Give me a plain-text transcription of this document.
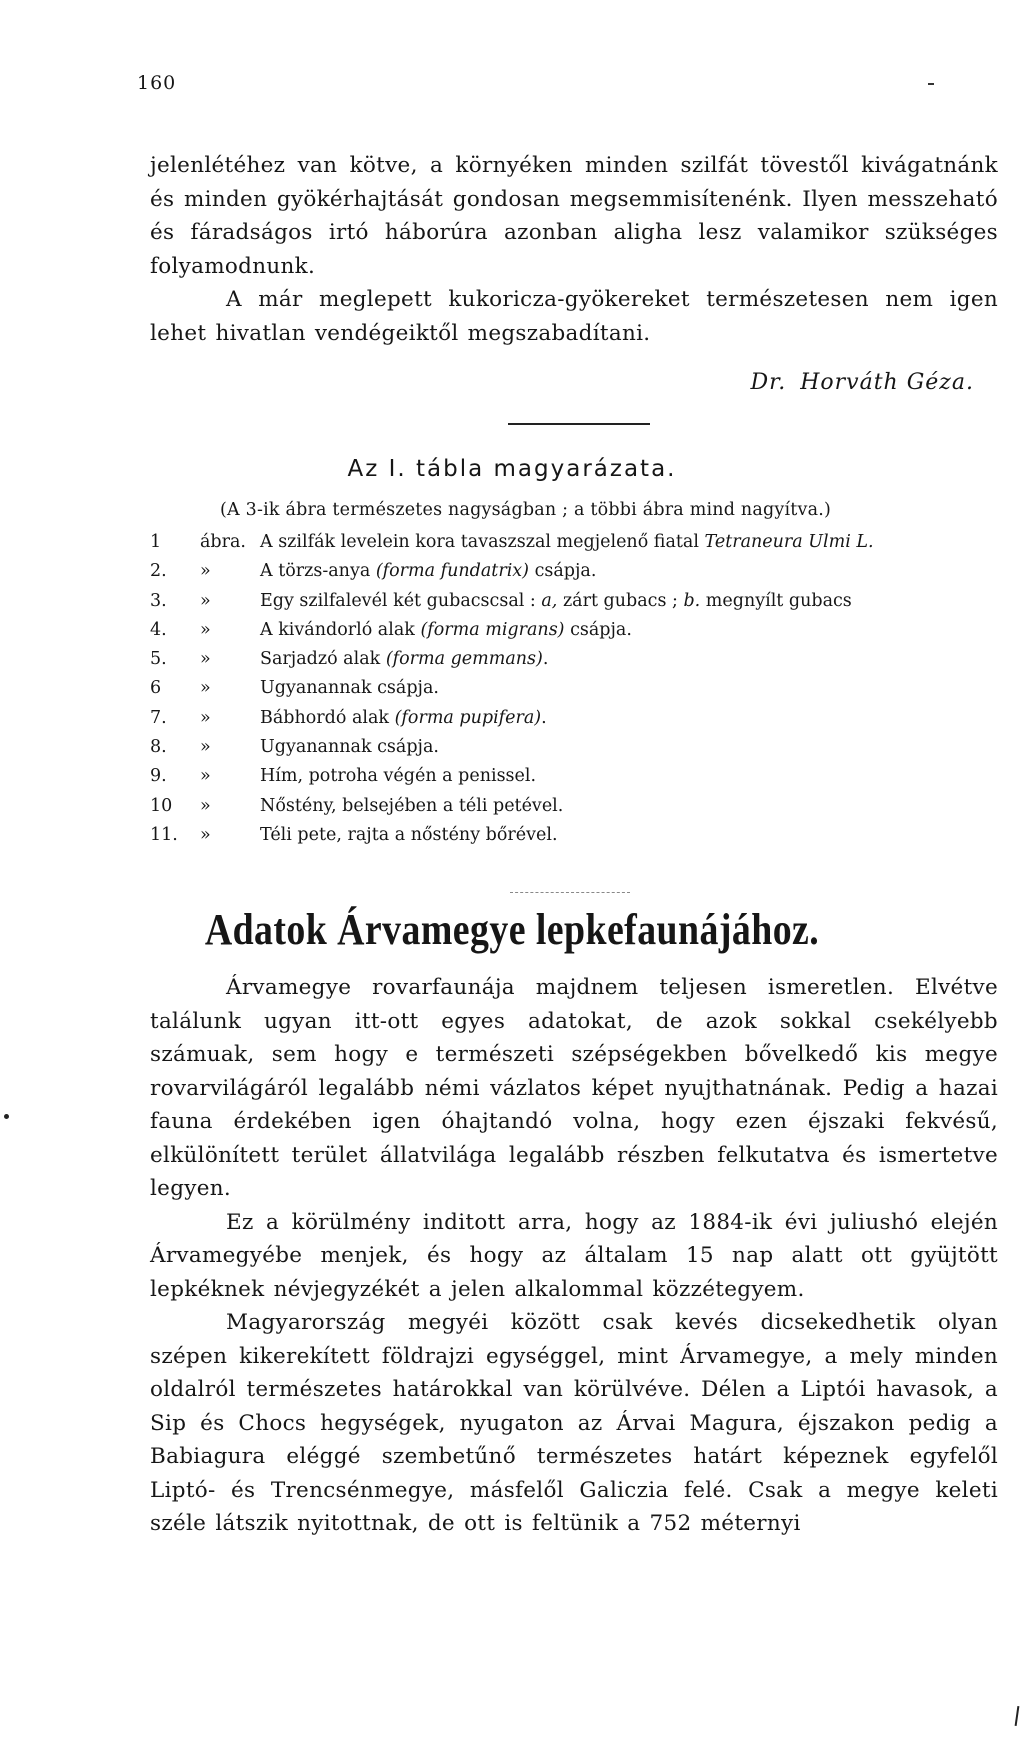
160

jelenlétéhez van kötve, a környéken minden szilfát tövestől kivágatnánk és minden gyökérhajtását gondosan megsemmisítenénk. Ilyen messzeható és fáradságos irtó háborúra azonban aligha lesz valamikor szükséges folyamodnunk.

A már meglepett kukoricza-gyökereket természetesen nem igen lehet hivatlan vendégeiktől megszabadítani.

Dr. Horváth Géza.
Az I. tábla magyarázata.
(A 3-ik ábra természetes nagyságban ; a többi ábra mind nagyítva.)
1 ábra. A szilfák levelein kora tavaszszal megjelenő fiatal Tetraneura Ulmi L.
2. »	A törzs-anya (forma fundatrix) csápja.
3. »	Egy szilfalevél két gubacscsal : a, zárt gubacs ; b. megnyílt gubacs
4. »	A kivándorló alak (forma migrans) csápja.
5. »	Sarjadzó alak (forma gemmans).
6 »	Ugyanannak csápja.
7. »	Bábhordó alak (forma pupifera).
8. »	Ugyanannak csápja.
9. »	Hím, potroha végén a penissel.
10 »	Nőstény, belsejében a téli petével.
11. »	Téli pete, rajta a nőstény bőrével.
Adatok Árvamegye lepkefaunájához.

Árvamegye rovarfaunája majdnem teljesen ismeretlen. Elvétve találunk ugyan itt-ott egyes adatokat, de azok sokkal csekélyebb számuak, sem hogy e természeti szépségekben bővelkedő kis megye rovarvilágáról legalább némi vázlatos képet nyujthatnának. Pedig a hazai fauna érdekében igen óhajtandó volna, hogy ezen éjszaki fekvésű, elkülönített terület állatvilága legalább részben felkutatva és ismertetve legyen.

Ez a körülmény inditott arra, hogy az 1884-ik évi juliushó elején Árvamegyébe menjek, és hogy az általam 15 nap alatt ott gyüjtött lepkéknek névjegyzékét a jelen alkalommal közzétegyem.

Magyarország megyéi között csak kevés dicsekedhetik olyan szépen kikerekített földrajzi egységgel, mint Árvamegye, a mely minden oldalról természetes határokkal van körülvéve. Délen a Liptói havasok, a Sip és Chocs hegységek, nyugaton az Árvai Magura, éjszakon pedig a Babiagura eléggé szembetűnő természetes határt képeznek egyfelől Liptó- és Trencsénmegye, másfelől Galiczia felé. Csak a megye keleti széle látszik nyitottnak, de ott is feltünik a 752 méternyi
